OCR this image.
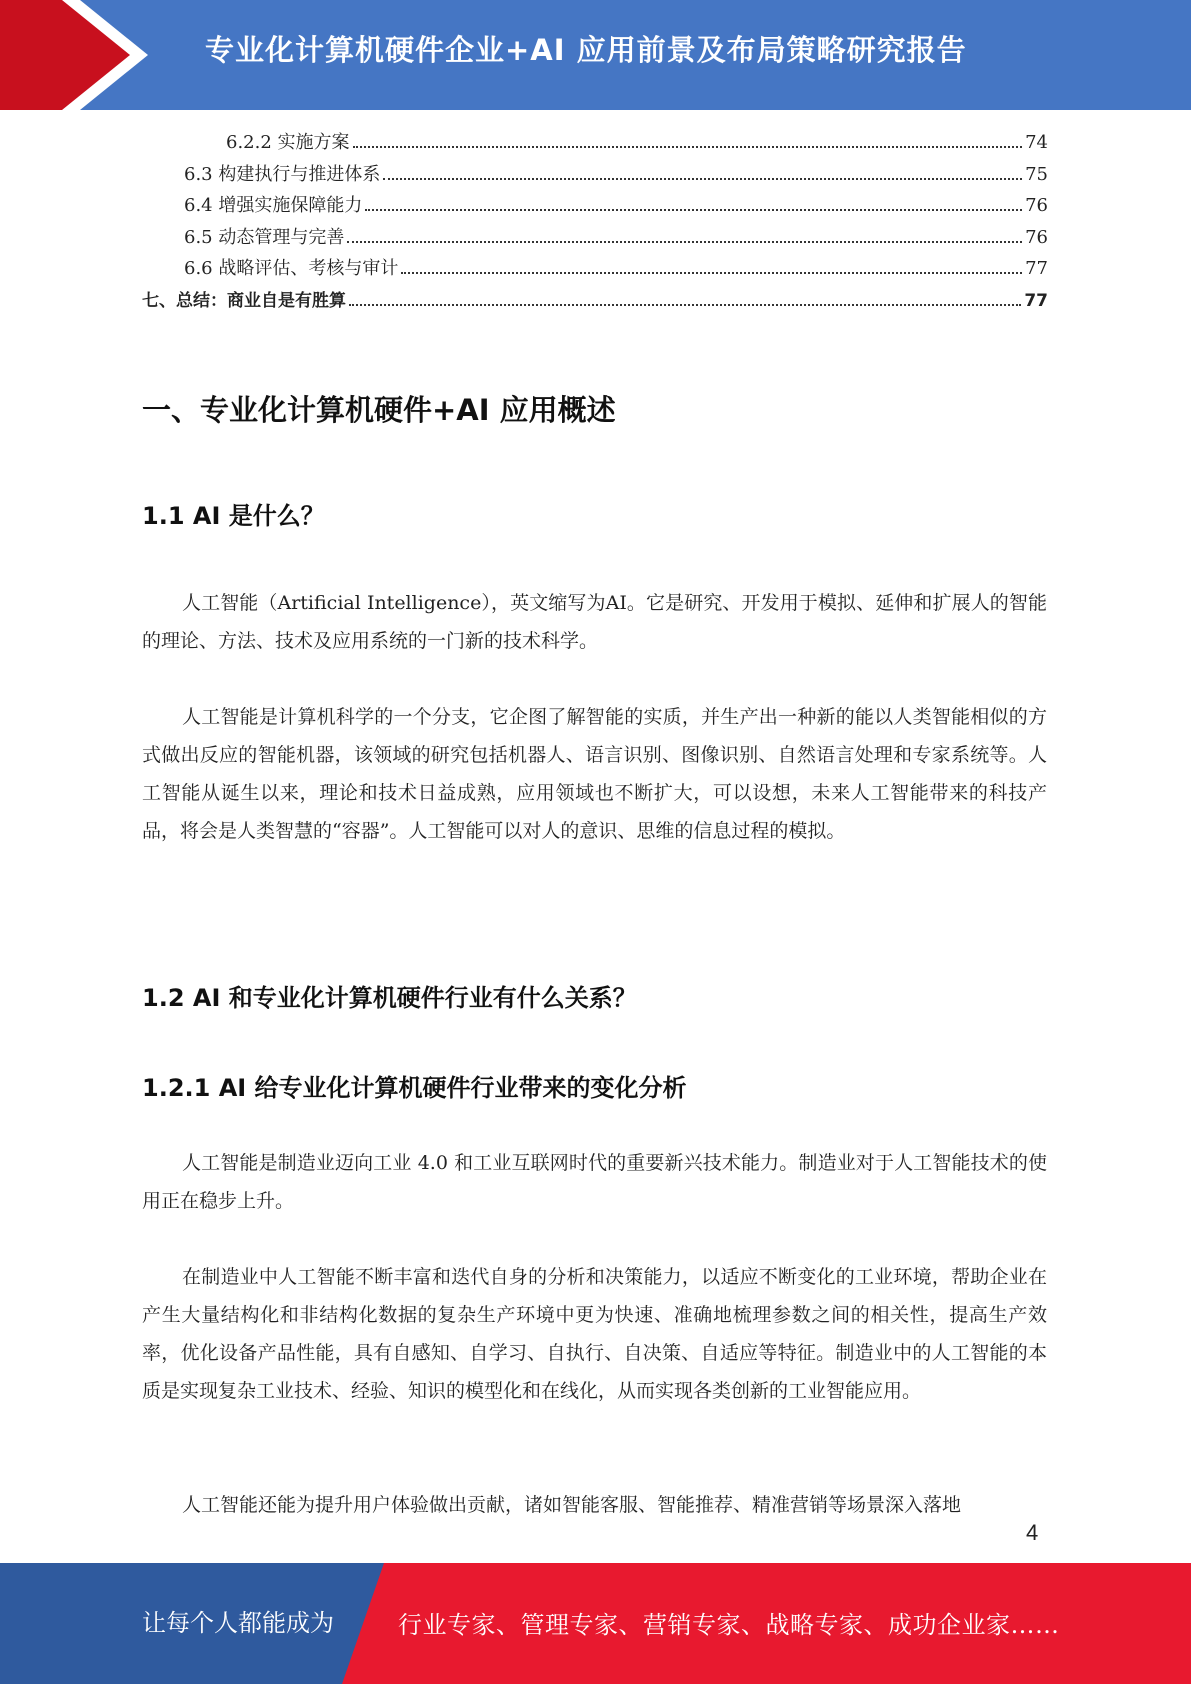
专业化计算机硬件企业+AI 应用前景及布局策略研究报告
6.2.2 实施方案	74
6.3 构建执行与推进体系	75
6.4 增强实施保障能力	76
6.5 动态管理与完善	76
6.6 战略评估、考核与审计	77
七、总结：商业自是有胜算	77
一、专业化计算机硬件+AI 应用概述
1.1 AI 是什么？

人工智能（Artificial Intelligence），英文缩写为AI。它是研究、开发用于模拟、延伸和扩展人的智能的理论、方法、技术及应用系统的一门新的技术科学。

人工智能是计算机科学的一个分支，它企图了解智能的实质，并生产出一种新的能以人类智能相似的方式做出反应的智能机器，该领域的研究包括机器人、语言识别、图像识别、自然语言处理和专家系统等。人工智能从诞生以来，理论和技术日益成熟，应用领域也不断扩大，可以设想，未来人工智能带来的科技产品，将会是人类智慧的“容器”。人工智能可以对人的意识、思维的信息过程的模拟。

1.2 AI 和专业化计算机硬件行业有什么关系？
1.2.1 AI 给专业化计算机硬件行业带来的变化分析

人工智能是制造业迈向工业 4.0 和工业互联网时代的重要新兴技术能力。制造业对于人工智能技术的使用正在稳步上升。

在制造业中人工智能不断丰富和迭代自身的分析和决策能力，以适应不断变化的工业环境，帮助企业在产生大量结构化和非结构化数据的复杂生产环境中更为快速、准确地梳理参数之间的相关性，提高生产效率，优化设备产品性能，具有自感知、自学习、自执行、自决策、自适应等特征。制造业中的人工智能的本质是实现复杂工业技术、经验、知识的模型化和在线化，从而实现各类创新的工业智能应用。

人工智能还能为提升用户体验做出贡献，诸如智能客服、智能推荐、精准营销等场景深入落地

4
让每个人都能成为	行业专家、管理专家、营销专家、战略专家、成功企业家……
